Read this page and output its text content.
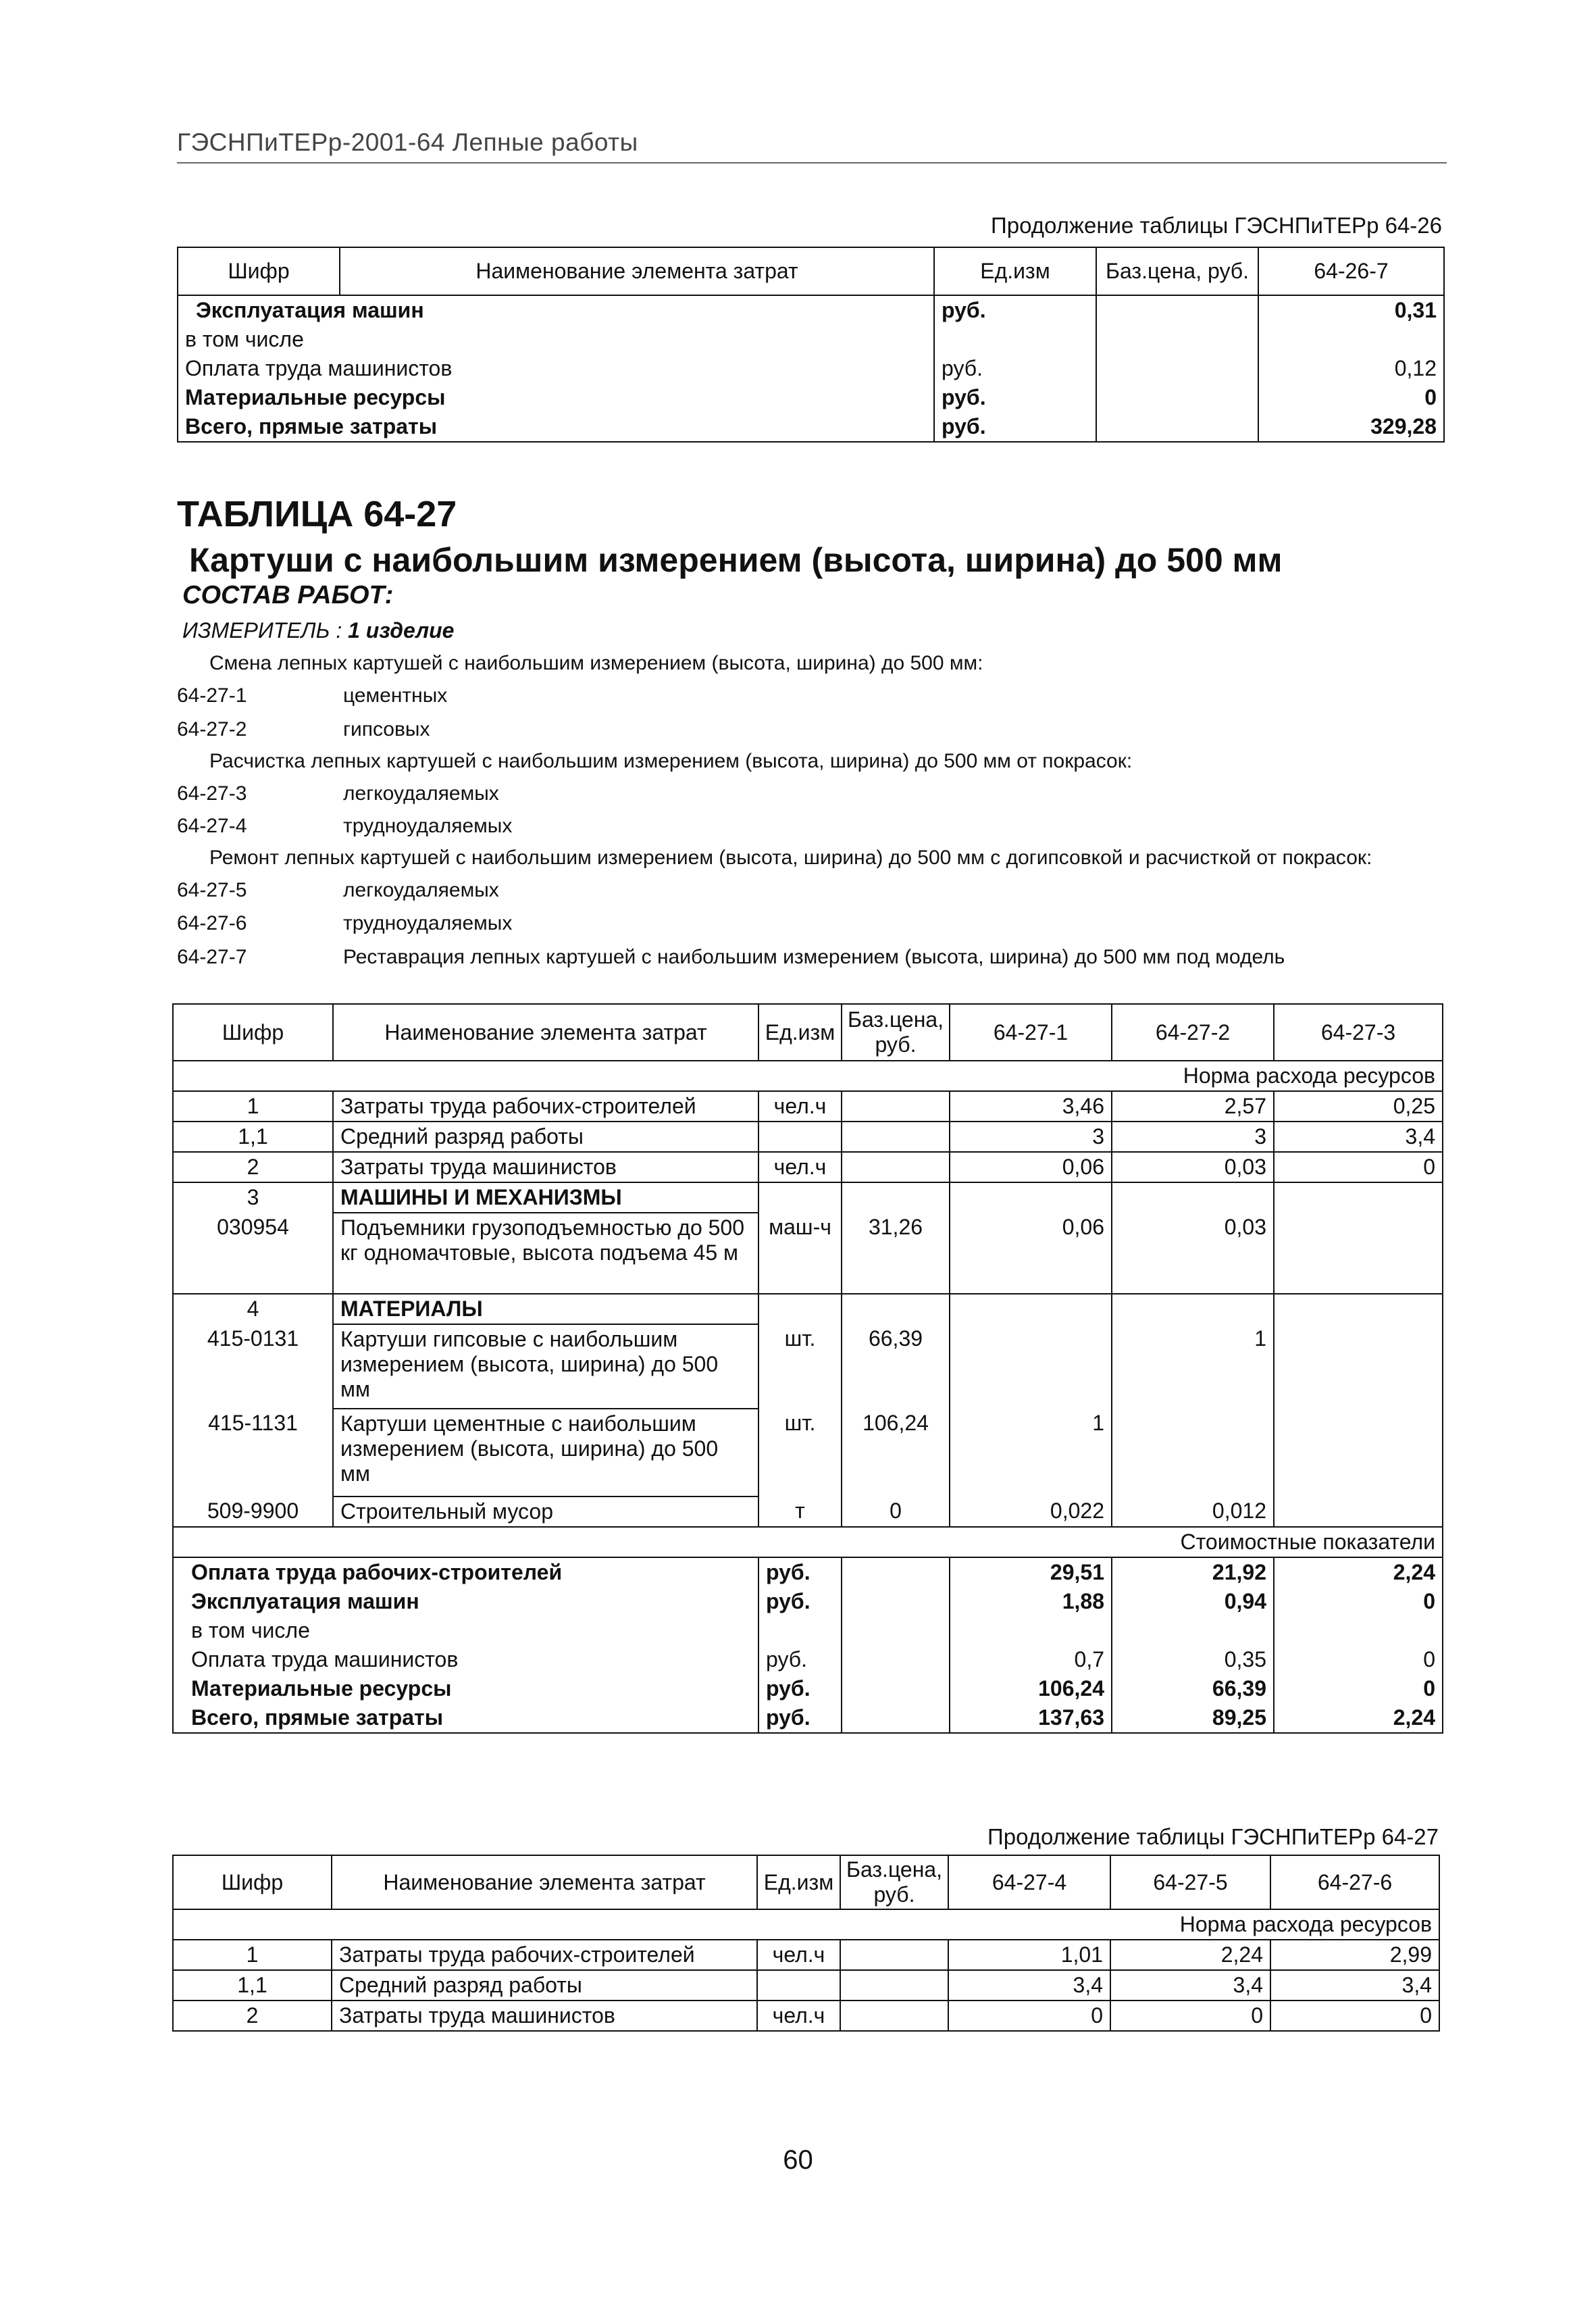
ГЭСНПиТЕРр-2001-64 Лепные работы
Продолжение таблицы ГЭСНПиТЕРр 64-26
Шифр	Наименование элемента затрат	Ед.изм	Баз.цена, руб.	64-26-7
Эксплуатация машин		руб.		0,31
в том числе				
Оплата труда машинистов		руб.		0,12
Материальные ресурсы		руб.		0
Всего, прямые затраты		руб.		329,28
ТАБЛИЦА 64-27
Картуши с наибольшим измерением (высота, ширина) до 500 мм
СОСТАВ РАБОТ:
ИЗМЕРИТЕЛЬ : 1 изделие
Смена лепных картушей с наибольшим измерением (высота, ширина) до 500 мм:
64-27-1	цементных
64-27-2	гипсовых
Расчистка лепных картушей с наибольшим измерением (высота, ширина) до 500 мм от покрасок:
64-27-3	легкоудаляемых
64-27-4	трудноудаляемых
Ремонт лепных картушей с наибольшим измерением (высота, ширина) до 500 мм с догипсовкой и расчисткой от покрасок:
64-27-5	легкоудаляемых
64-27-6	трудноудаляемых
64-27-7	Реставрация лепных картушей с наибольшим измерением (высота, ширина) до 500 мм под модель
Шифр	Наименование элемента затрат	Ед.изм	Баз.цена, руб.	64-27-1	64-27-2	64-27-3
Норма расхода ресурсов						
1	Затраты труда рабочих-строителей	чел.ч		3,46	2,57	0,25
1,1	Средний разряд работы			3	3	3,4
2	Затраты труда машинистов	чел.ч		0,06	0,03	0
3	МАШИНЫ И МЕХАНИЗМЫ					
030954	Подъемники грузоподъемностью до 500 кг одномачтовые, высота подъема 45 м	маш-ч	31,26	0,06	0,03	
4	МАТЕРИАЛЫ					
415-0131	Картуши гипсовые с наибольшим измерением (высота, ширина) до 500 мм	шт.	66,39		1	
415-1131	Картуши цементные с наибольшим измерением (высота, ширина) до 500 мм	шт.	106,24	1		
509-9900	Строительный мусор	т	0	0,022	0,012	
Стоимостные показатели						
Оплата труда рабочих-строителей		руб.		29,51	21,92	2,24
Эксплуатация машин		руб.		1,88	0,94	0
в том числе						
Оплата труда машинистов		руб.		0,7	0,35	0
Материальные ресурсы		руб.		106,24	66,39	0
Всего, прямые затраты		руб.		137,63	89,25	2,24
Продолжение таблицы ГЭСНПиТЕРр 64-27
Шифр	Наименование элемента затрат	Ед.изм	Баз.цена, руб.	64-27-4	64-27-5	64-27-6
Норма расхода ресурсов						
1	Затраты труда рабочих-строителей	чел.ч		1,01	2,24	2,99
1,1	Средний разряд работы			3,4	3,4	3,4
2	Затраты труда машинистов	чел.ч		0	0	0
60
